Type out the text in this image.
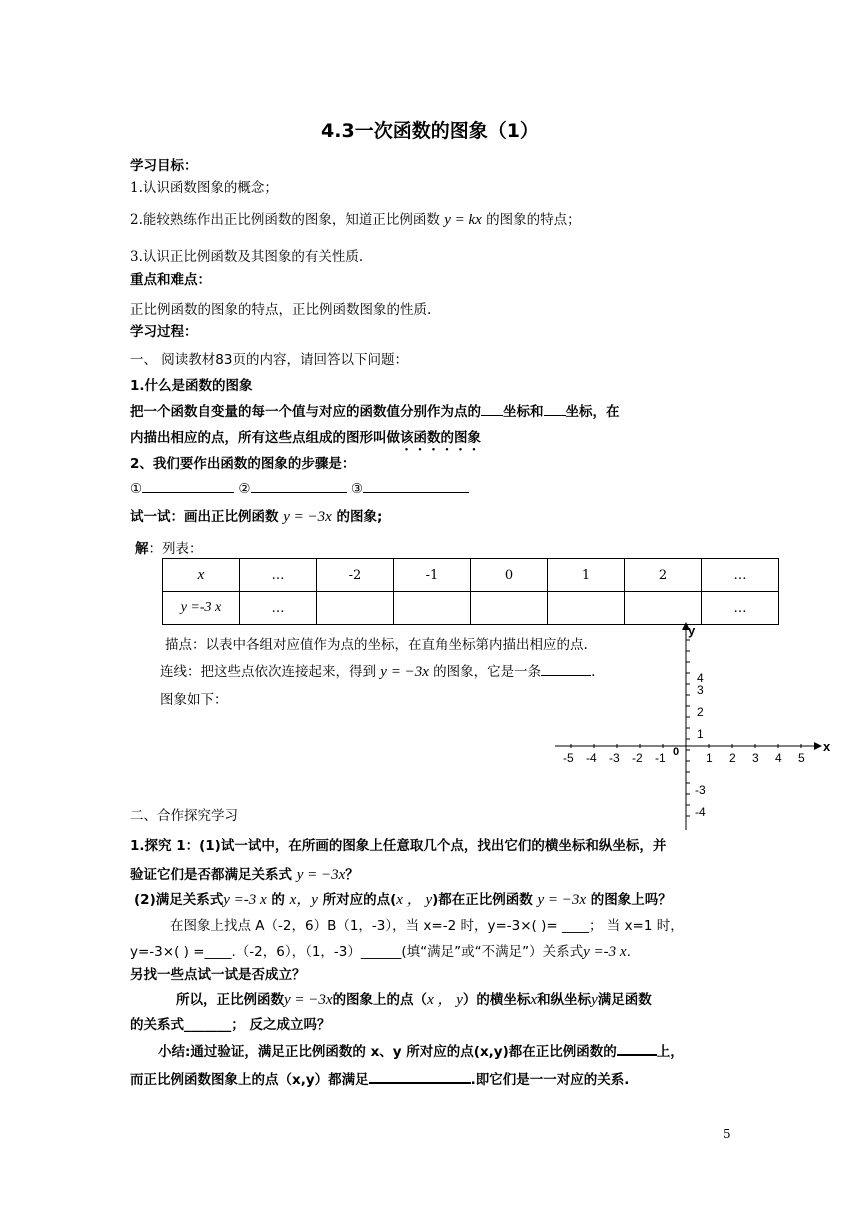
4.3一次函数的图象（1）
学习目标：
1.认识函数图象的概念；
2.能较熟练作出正比例函数的图象，知道正比例函数 y = kx 的图象的特点；
3.认识正比例函数及其图象的有关性质.
重点和难点：
正比例函数的图象的特点，正比例函数图象的性质.
学习过程：
一、 阅读教材83页的内容，请回答以下问题：
1.什么是函数的图象
把一个函数自变量的每一个值与对应的函数值分别作为点的 坐标和 坐标，在
内描出相应的点，所有这些点组成的图形叫做该函数的图象
2、我们要作出函数的图象的步骤是：
①	②	③
试一试：画出正比例函数 y = −3x 的图象;
解：列表：
x	…	-2	-1	0	1	2	…
y =-3 x	…						…
描点：以表中各组对应值作为点的坐标，在直角坐标第内描出相应的点.
连线：把这些点依次连接起来，得到 y = −3x 的图象，它是一条	.
图象如下：
x
y
0
-5 -4 -3 -2 -1	1 2 3 4 5
4
3
2
1
-3
-4
二、合作探究学习
1.探究 1：(1)试一试中，在所画的图象上任意取几个点，找出它们的横坐标和纵坐标，并
验证它们是否都满足关系式 y = −3x？
(2)满足关系式y =-3 x 的 x，y 所对应的点(x ， y)都在正比例函数 y = −3x 的图象上吗？
在图象上找点 A（-2，6）B（1，-3），当 x=-2 时，y=-3×( )= ____； 当 x=1 时，
y=-3×( ) =____.（-2，6），（1，-3）______(填“满足”或“不满足”）关系式y =-3 x.
另找一些点试一试是否成立？
所以，正比例函数y = −3x的图象上的点（x ， y）的横坐标x和纵坐标y满足函数
的关系式_______； 反之成立吗？
小结:通过验证，满足正比例函数的 x、y 所对应的点(x,y)都在正比例函数的	上，
而正比例函数图象上的点（x,y）都满足	.即它们是一一对应的关系.
5
